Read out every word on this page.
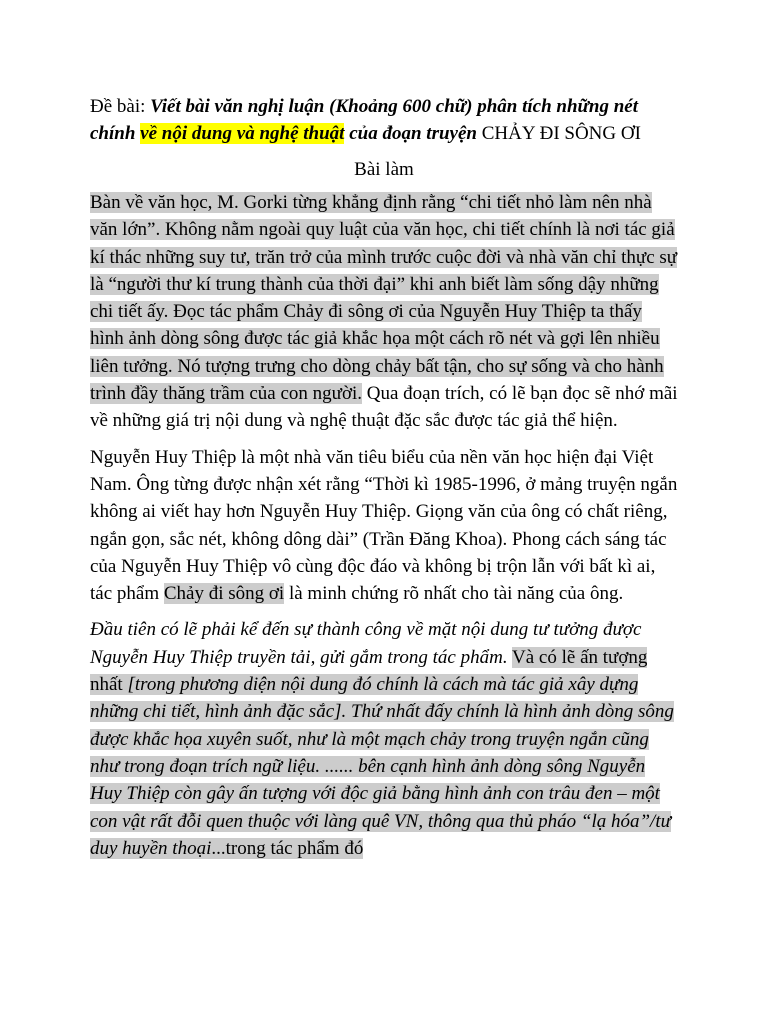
Đề bài: Viết bài văn nghị luận (Khoảng 600 chữ) phân tích những nét chính về nội dung và nghệ thuật của đoạn truyện CHẢY ĐI SÔNG ƠI

Bài làm

Bàn về văn học, M. Gorki từng khẳng định rằng “chi tiết nhỏ làm nên nhà văn lớn”. Không nằm ngoài quy luật của văn học, chi tiết chính là nơi tác giả kí thác những suy tư, trăn trở của mình trước cuộc đời và nhà văn chỉ thực sự là “người thư kí trung thành của thời đại” khi anh biết làm sống dậy những chi tiết ấy. Đọc tác phẩm Chảy đi sông ơi của Nguyễn Huy Thiệp ta thấy hình ảnh dòng sông được tác giả khắc họa một cách rõ nét và gợi lên nhiều liên tưởng. Nó tượng trưng cho dòng chảy bất tận, cho sự sống và cho hành trình đầy thăng trầm của con người. Qua đoạn trích, có lẽ bạn đọc sẽ nhớ mãi về những giá trị nội dung và nghệ thuật đặc sắc được tác giả thể hiện.

Nguyễn Huy Thiệp là một nhà văn tiêu biểu của nền văn học hiện đại Việt Nam. Ông từng được nhận xét rằng “Thời kì 1985-1996, ở mảng truyện ngắn không ai viết hay hơn Nguyễn Huy Thiệp. Giọng văn của ông có chất riêng, ngắn gọn, sắc nét, không dông dài” (Trần Đăng Khoa). Phong cách sáng tác của Nguyễn Huy Thiệp vô cùng độc đáo và không bị trộn lẫn với bất kì ai, tác phẩm Chảy đi sông ơi là minh chứng rõ nhất cho tài năng của ông.

Đầu tiên có lẽ phải kể đến sự thành công về mặt nội dung tư tưởng được Nguyễn Huy Thiệp truyền tải, gửi gắm trong tác phẩm. Và có lẽ ấn tượng nhất [trong phương diện nội dung đó chính là cách mà tác giả xây dựng những chi tiết, hình ảnh đặc sắc]. Thứ nhất đấy chính là hình ảnh dòng sông được khắc họa xuyên suốt, như là một mạch chảy trong truyện ngắn cũng như trong đoạn trích ngữ liệu. ...... bên cạnh hình ảnh dòng sông Nguyễn Huy Thiệp còn gây ấn tượng với độc giả bằng hình ảnh con trâu đen – một con vật rất đỗi quen thuộc với làng quê VN, thông qua thủ pháo “lạ hóa”/tư duy huyền thoại...trong tác phẩm đó
